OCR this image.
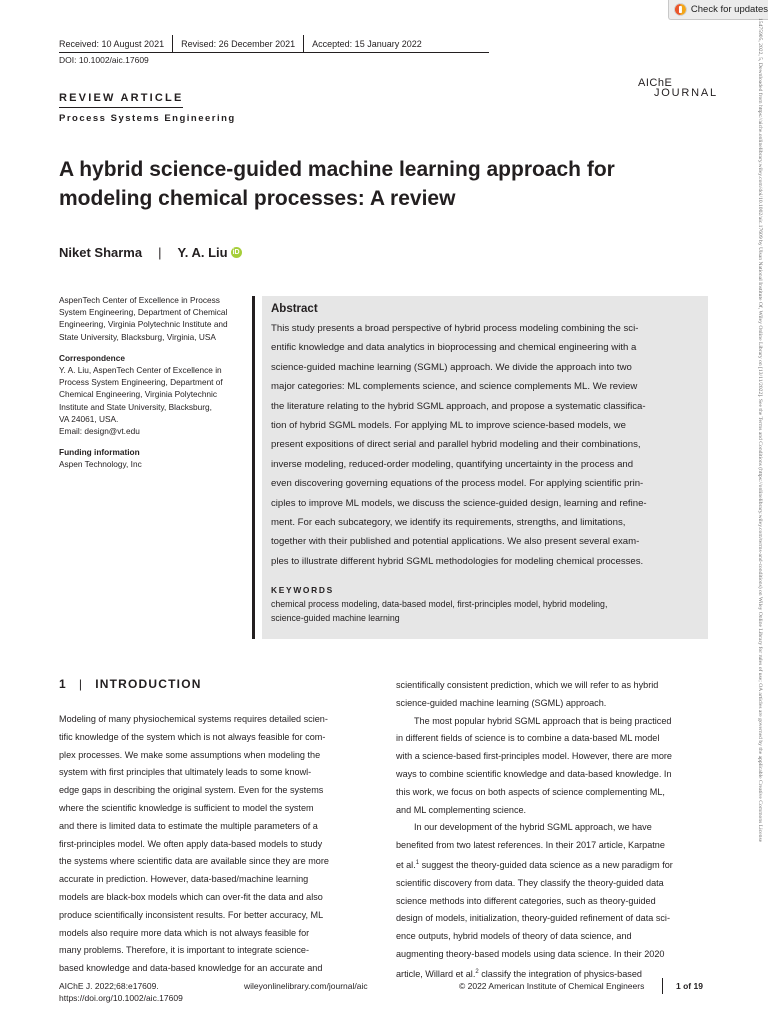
Check for updates
15475905, 2022, 5, Downloaded from https://aiche.onlinelibrary.wiley.com/doi/10.1002/aic.17609 by Ulsan National Institute Of, Wiley Online Library on [13/11/2022]. See the Terms and Conditions (https://onlinelibrary.wiley.com/terms-and-conditions) on Wiley Online Library for rules of use; OA articles are governed by the applicable Creative Commons License
Received: 10 August 2021	Revised: 26 December 2021	Accepted: 15 January 2022
DOI: 10.1002/aic.17609
AIChE
JOURNAL
REVIEW ARTICLE
Process Systems Engineering
A hybrid science-guided machine learning approach for modeling chemical processes: A review
Niket Sharma | Y. A. Liu iD
AspenTech Center of Excellence in Process System Engineering, Department of Chemical Engineering, Virginia Polytechnic Institute and State University, Blacksburg, Virginia, USA
Correspondence
Y. A. Liu, AspenTech Center of Excellence in
Process System Engineering, Department of
Chemical Engineering, Virginia Polytechnic
Institute and State University, Blacksburg,
VA 24061, USA.
Email: design@vt.edu
Funding information
Aspen Technology, Inc
Abstract
This study presents a broad perspective of hybrid process modeling combining the sci-
entific knowledge and data analytics in bioprocessing and chemical engineering with a
science-guided machine learning (SGML) approach. We divide the approach into two
major categories: ML complements science, and science complements ML. We review
the literature relating to the hybrid SGML approach, and propose a systematic classifica-
tion of hybrid SGML models. For applying ML to improve science-based models, we
present expositions of direct serial and parallel hybrid modeling and their combinations,
inverse modeling, reduced-order modeling, quantifying uncertainty in the process and
even discovering governing equations of the process model. For applying scientific prin-
ciples to improve ML models, we discuss the science-guided design, learning and refine-
ment. For each subcategory, we identify its requirements, strengths, and limitations,
together with their published and potential applications. We also present several exam-
ples to illustrate different hybrid SGML methodologies for modeling chemical processes.
KEYWORDS
chemical process modeling, data-based model, first-principles model, hybrid modeling,
science-guided machine learning
1 | INTRODUCTION
Modeling of many physiochemical systems requires detailed scien-
tific knowledge of the system which is not always feasible for com-
plex processes. We make some assumptions when modeling the
system with first principles that ultimately leads to some knowl-
edge gaps in describing the original system. Even for the systems
where the scientific knowledge is sufficient to model the system
and there is limited data to estimate the multiple parameters of a
first-principles model. We often apply data-based models to study
the systems where scientific data are available since they are more
accurate in prediction. However, data-based/machine learning
models are black-box models which can over-fit the data and also
produce scientifically inconsistent results. For better accuracy, ML
models also require more data which is not always feasible for
many problems. Therefore, it is important to integrate science-
based knowledge and data-based knowledge for an accurate and
scientifically consistent prediction, which we will refer to as hybrid
science-guided machine learning (SGML) approach.
The most popular hybrid SGML approach that is being practiced
in different fields of science is to combine a data-based ML model
with a science-based first-principles model. However, there are more
ways to combine scientific knowledge and data-based knowledge. In
this work, we focus on both aspects of science complementing ML,
and ML complementing science.
In our development of the hybrid SGML approach, we have
benefited from two latest references. In their 2017 article, Karpatne
et al.$^1$ suggest the theory-guided data science as a new paradigm for
scientific discovery from data. They classify the theory-guided data
science methods into different categories, such as theory-guided
design of models, initialization, theory-guided refinement of data sci-
ence outputs, hybrid models of theory of data science, and
augmenting theory-based models using data science. In their 2020
article, Willard et al.$^2$ classify the integration of physics-based
AIChE J. 2022;68:e17609.
https://doi.org/10.1002/aic.17609
wileyonlinelibrary.com/journal/aic	© 2022 American Institute of Chemical Engineers	1 of 19
